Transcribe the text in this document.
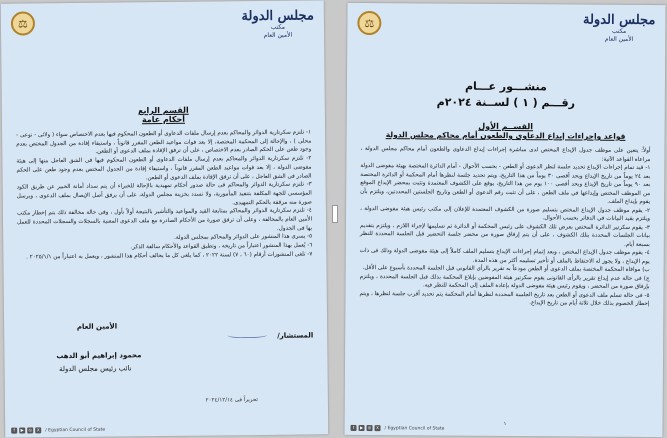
مجلس الدولة
مكتب
الأمين العام
⚖
القسم الرابع
أحكام عامة

١- تلتزم سكرتارية الدوائر والمحاكم بعدم إرسال ملفات الدعاوى أو الطعون المحكوم فيها بعدم الاختصاص سواء ( ولائى - نوعى - محلى ) ، والإحالة إلى المحكمة المختصة، إلا بعد فوات مواعيد الطعن المقرر قانوناً ، واستيفاء إفادة من الجدول المختص بعدم وجود طعن على الحكم الصادر بعدم الاختصاص ، على أن ترفق الإفادة بملف الدعوى أو الطعن.

٢- تلتزم سكرتارية الدوائر والمحاكم بعدم إرسال ملفات الدعاوى أو الطعون المحكوم فيها فى الشق العاجل منها إلى هيئة مفوضى الدولة ، إلا بعد فوات مواعيد الطعن المقرر قانوناً ، واستيفاء إفادة من الجدول المختص بعدم وجود طعن على الحكم الصادر فى الشق العاجل ، على أن ترفق الإفادة بملف الدعوى أو الطعن.

٣- تلتزم سكرتارية الدوائر والمحاكم فى حالة صدور أحكام تمهيدية بالإحالة للخبراء أن يتم سداد أمانة الخبير عن طريق الكود المؤسسى للجهة المكلفة بتنفيذ المأمورية، ولا تسدد بخزينة مجلس الدولة، على أن يرفق أصل الإيصال بملف الدعوى ، ويرسل صورة منه مرفقة بالحكم التمهيدى.

٤- تلتزم سكرتارية الدوائر والمحاكم بمتابعة القيد والمواعيد والتأشير بالنتيجة أولاً بأول ، وفى حالة مخالفة ذلك يتم إخطار مكتب الأمين العام بالمخالفة ، وعلى أن ترفق صورة من الأحكام الصادرة مع ملف الدعوى المعنية بالسجلات والسجلات المحددة للعمل بها فى الجدول.

٥- يسرى هذا المنشور على الدوائر والمحاكم بمجلس الدولة.

٦- يُعمل بهذا المنشور اعتباراً من تاريخه ، وتطبق القواعد والأحكام سالفة الذكر.

٧- تلغى المنشورات أرقام (٦٠ ، ٧) لسنة ٢٠٢٢ ، كما يلغى كل ما يخالف أحكام هذا المنشور ، ويعمل به اعتباراً من ٢٠٢٥/١/١ .

الأمين العام
المستشار/
محمود إبراهيم أبو الدهب
نائب رئيس مجلس الدولة
تحريراً فى ٢٠٢٤/١٢/١٤
f	▶	◎	X	/ Egyptian Council of State
مجلس الدولة
مكتب
الأمين العام
⚖
منشـــور عـــام
رقـــم ( ١ ) لســنة ٢٠٢٤م
القســم الأول
قواعد وإجراءات إيداع الدعاوى والطعون أمام محاكم مجلس الدولة

أولاً: يتعين على موظف جدول الإيداع المختص لدى مباشرة إجراءات إيداع الدعاوى والطعون أمام محاكم مجلس الدولة ، مراعاة القواعد الآتية:

١- قيد تمام إجراءات الإيداع تحديد جلسة لنظر الدعوى أو الطعن - بحسب الأحوال - أمام الدائرة المختصة بهيئة مفوضى الدولة بعد ٢٤ يوماً من تاريخ الإيداع وبحد أقصى ٣٠ يوماً من هذا التاريخ، ويتم تحديد جلسة لنظرها أمام المحكمة أو الدائرة المختصة بعد ٩٠ يوماً من تاريخ الإيداع وبحد أقصى ١٠٠ يوم من هذا التاريخ، يوقع على الكشوف المعتمدة وتثبت بمحضر الإيداع الموقع من الموظف المختص وإيداعها في ملف الطعن ، على أن تثبت رقم الدعوى أو الطعن وتاريخ الجلستين المحددتين، ويلتزم بأن يقوم بإيداع الملف.

٢- يقوم موظف جدول الإيداع المختص بتسليم صورة من الكشوف المعتمدة للإعلان إلى مكتب رئيس هيئة مفوضى الدولة ، ويلتزم بقيد البيانات في الدفاتر بحسب الأحوال.

٣- يقوم سكرتير الدائرة المختص بعرض تلك الكشوف على رئيس المحكمة أو الدائرة ثم تسليمها لإجراء اللازم ، ويلتزم بتقديم بيانات الجلسات المحددة بتلك الكشوف ، على أن يتم إرفاق صورة من محضر جلسة التحضير قبل الجلسة المحددة للنظر بسبعة أيام.

٤- يقوم موظف جدول الإيداع المختص ، وبعد إتمام إجراءات الإيداع بتسليم الملف كاملاً إلى هيئة مفوضى الدولة وذلك فى ذات يوم الإيداع ، ولا يجوز له الاحتفاظ بالملف أو تأخير تسليمه أكثر من هذه المدة.

ب) موافاة المحكمة المختصة بملف الدعوى أو الطعن مودعاً به تقرير بالرأى القانونى قبل الجلسة المحددة بأسبوع على الأقل.

ج) فى حالة عدم إيداع تقرير بالرأى القانونى يقوم سكرتير هيئة المفوضين بإبلاغ المحكمة بذلك قبل الجلسة المحددة ، ويلتزم بإرفاق صورة من المحضر ، ويقوم رئيس هيئة مفوضى الدولة بإعادة الملف إلى المحكمة للنظر فيه.

٥- فى حالة تسلم ملف الدعوى أو الطعن بعد تاريخ الجلسة المحددة لنظرها أمام المحكمة يتم تحديد أقرب جلسة لنظرها ، ويتم إخطار الخصوم بذلك خلال ثلاثة أيام من تاريخ الإيداع.

١
f	▶	◎	X	/ Egyptian Council of State
